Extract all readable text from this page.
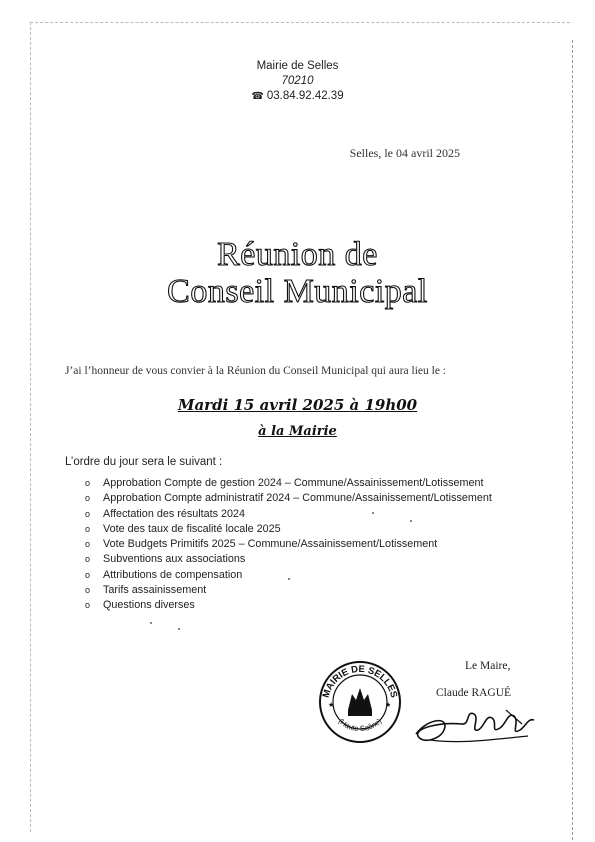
Mairie de Selles
70210
☎ 03.84.92.42.39
Selles, le 04 avril 2025
Réunion de
Conseil Municipal
J’ai l’honneur de vous convier à la Réunion du Conseil Municipal qui aura lieu le :
Mardi 15 avril 2025 à 19h00
à la Mairie
L’ordre du jour sera le suivant :
o Approbation Compte de gestion 2024 – Commune/Assainissement/Lotissement
o Approbation Compte administratif 2024 – Commune/Assainissement/Lotissement
o Affectation des résultats 2024
o Vote des taux de fiscalité locale 2025
o Vote Budgets Primitifs 2025 – Commune/Assainissement/Lotissement
o Subventions aux associations
o Attributions de compensation
o Tarifs assainissement
o Questions diverses
Le Maire,
Claude RAGUÉ
MAIRIE DE SELLES
(Haute Saône)
★	★
